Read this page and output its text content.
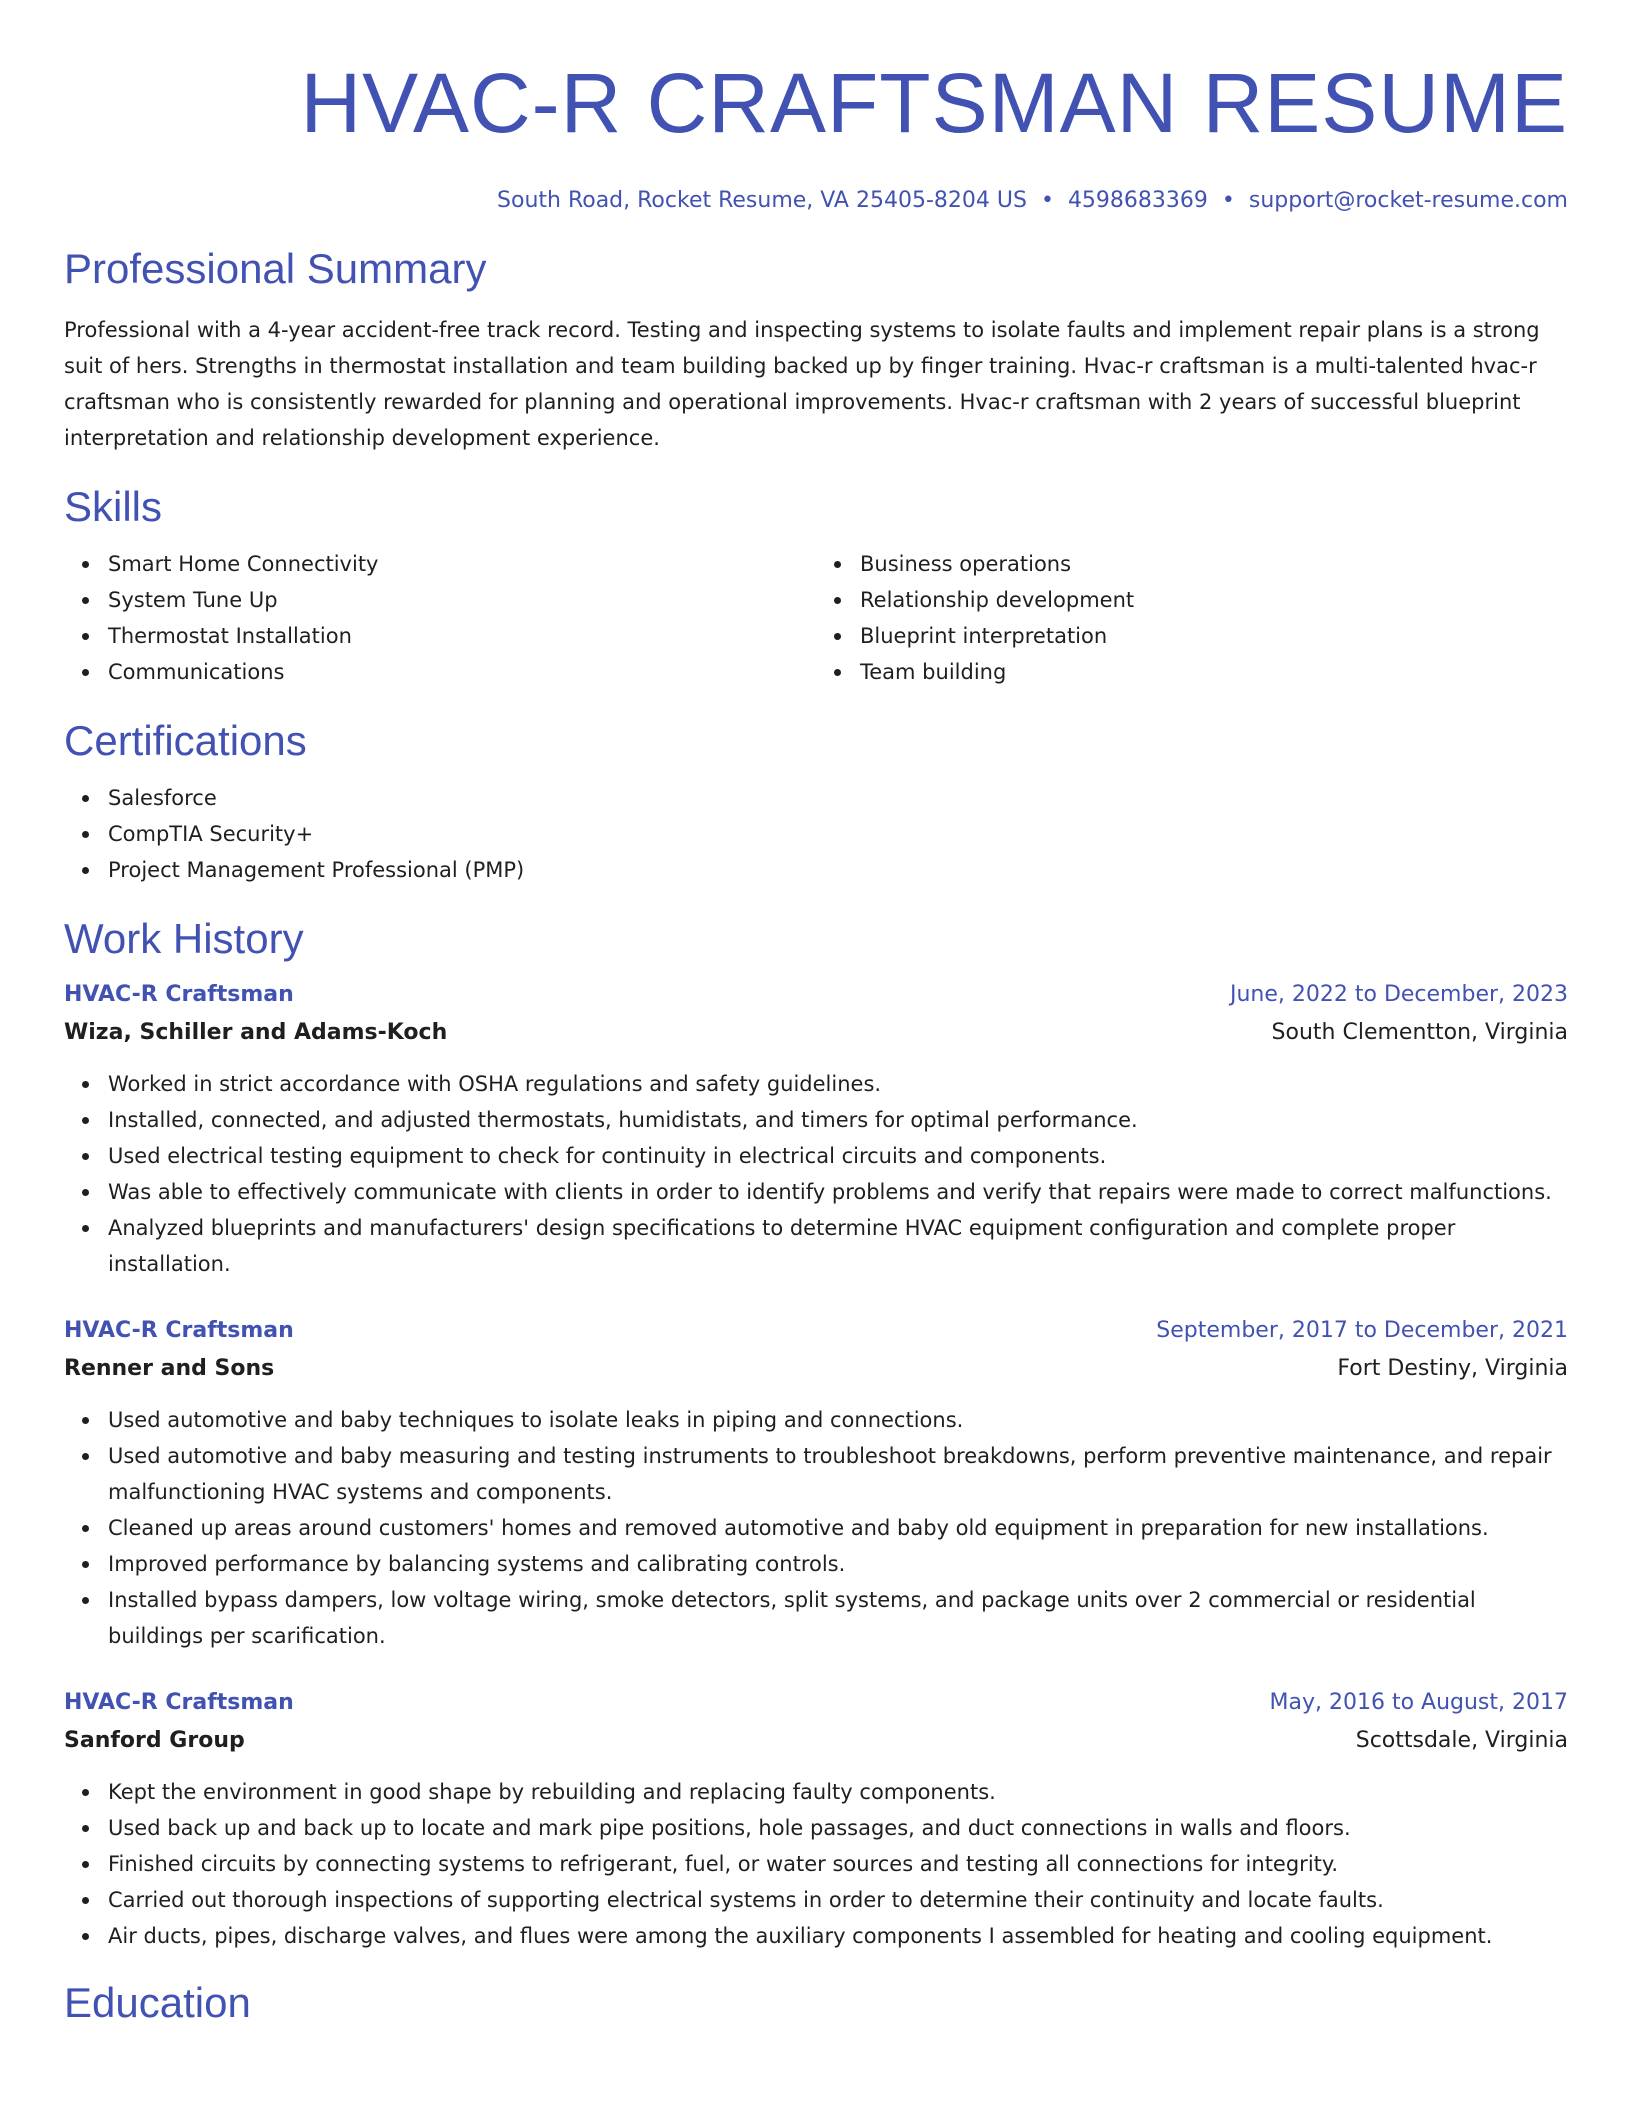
HVAC-R CRAFTSMAN RESUME
South Road, Rocket Resume, VA 25405-8204 US • 4598683369 • support@rocket-resume.com
Professional Summary

Professional with a 4-year accident-free track record. Testing and inspecting systems to isolate faults and implement repair plans is a strong suit of hers. Strengths in thermostat installation and team building backed up by finger training. Hvac-r craftsman is a multi-talented hvac-r craftsman who is consistently rewarded for planning and operational improvements. Hvac-r craftsman with 2 years of successful blueprint interpretation and relationship development experience.

Skills
Smart Home Connectivity
System Tune Up
Thermostat Installation
Communications
Business operations
Relationship development
Blueprint interpretation
Team building
Certifications
Salesforce
CompTIA Security+
Project Management Professional (PMP)
Work History
HVAC-R Craftsman	June, 2022 to December, 2023
Wiza, Schiller and Adams-Koch	South Clementton, Virginia
Worked in strict accordance with OSHA regulations and safety guidelines.
Installed, connected, and adjusted thermostats, humidistats, and timers for optimal performance.
Used electrical testing equipment to check for continuity in electrical circuits and components.
Was able to effectively communicate with clients in order to identify problems and verify that repairs were made to correct malfunctions.
Analyzed blueprints and manufacturers' design specifications to determine HVAC equipment configuration and complete proper installation.
HVAC-R Craftsman	September, 2017 to December, 2021
Renner and Sons	Fort Destiny, Virginia
Used automotive and baby techniques to isolate leaks in piping and connections.
Used automotive and baby measuring and testing instruments to troubleshoot breakdowns, perform preventive maintenance, and repair malfunctioning HVAC systems and components.
Cleaned up areas around customers' homes and removed automotive and baby old equipment in preparation for new installations.
Improved performance by balancing systems and calibrating controls.
Installed bypass dampers, low voltage wiring, smoke detectors, split systems, and package units over 2 commercial or residential buildings per scarification.
HVAC-R Craftsman	May, 2016 to August, 2017
Sanford Group	Scottsdale, Virginia
Kept the environment in good shape by rebuilding and replacing faulty components.
Used back up and back up to locate and mark pipe positions, hole passages, and duct connections in walls and floors.
Finished circuits by connecting systems to refrigerant, fuel, or water sources and testing all connections for integrity.
Carried out thorough inspections of supporting electrical systems in order to determine their continuity and locate faults.
Air ducts, pipes, discharge valves, and flues were among the auxiliary components I assembled for heating and cooling equipment.
Education
